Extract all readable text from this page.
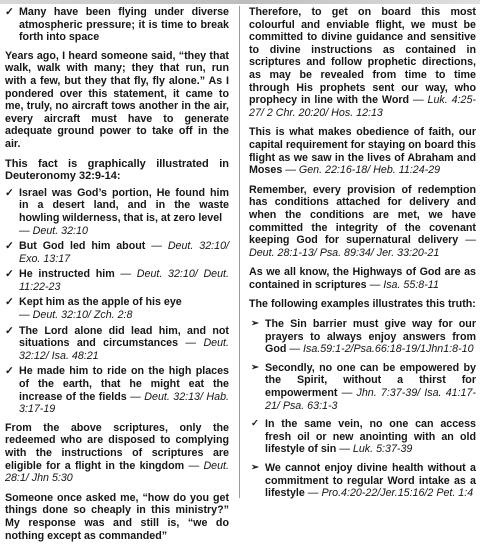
✓ Many have been flying under diverse atmospheric pressure; it is time to break forth into space

Years ago, I heard someone said, “they that walk, walk with many; they that run, run with a few, but they that fly, fly alone.” As I pondered over this statement, it came to me, truly, no aircraft tows another in the air, every aircraft must have to generate adequate ground power to take off in the air.

This fact is graphically illustrated in Deuteronomy 32:9-14:

✓ Israel was God’s portion, He found him in a desert land, and in the waste howling wilderness, that is, at zero level
— Deut. 32:10
✓ But God led him about — Deut. 32:10/ Exo. 13:17
✓ He instructed him — Deut. 32:10/ Deut. 11:22-23
✓ Kept him as the apple of his eye
— Deut. 32:10/ Zch. 2:8
✓ The Lord alone did lead him, and not situations and circumstances — Deut. 32:12/ Isa. 48:21
✓ He made him to ride on the high places of the earth, that he might eat the increase of the fields — Deut. 32:13/ Hab. 3:17-19

From the above scriptures, only the redeemed who are disposed to complying with the instructions of scriptures are eligible for a flight in the kingdom — Deut. 28:1/ Jhn 5:30

Someone once asked me, “how do you get things done so cheaply in this ministry?” My response was and still is, “we do nothing except as commanded”

Therefore, to get on board this most colourful and enviable flight, we must be committed to divine guidance and sensitive to divine instructions as contained in scriptures and follow prophetic directions, as may be revealed from time to time through His prophets sent our way, who prophecy in line with the Word — Luk. 4:25-27/ 2 Chr. 20:20/ Hos. 12:13

This is what makes obedience of faith, our capital requirement for staying on board this flight as we saw in the lives of Abraham and Moses — Gen. 22:16-18/ Heb. 11:24-29

Remember, every provision of redemption has conditions attached for delivery and when the conditions are met, we have committed the integrity of the covenant keeping God for supernatural delivery — Deut. 28:1-13/ Psa. 89:34/ Jer. 33:20-21

As we all know, the Highways of God are as contained in scriptures — Isa. 55:8-11

The following examples illustrates this truth:

➢ The Sin barrier must give way for our prayers to always enjoy answers from God — Isa.59:1-2/Psa.66:18-19/1Jhn1:8-10
➢ Secondly, no one can be empowered by the Spirit, without a thirst for empowerment — Jhn. 7:37-39/ Isa. 41:17-21/ Psa. 63:1-3
✓ In the same vein, no one can access fresh oil or new anointing with an old lifestyle of sin — Luk. 5:37-39
➢ We cannot enjoy divine health without a commitment to regular Word intake as a lifestyle — Pro.4:20-22/Jer.15:16/2 Pet. 1:4
